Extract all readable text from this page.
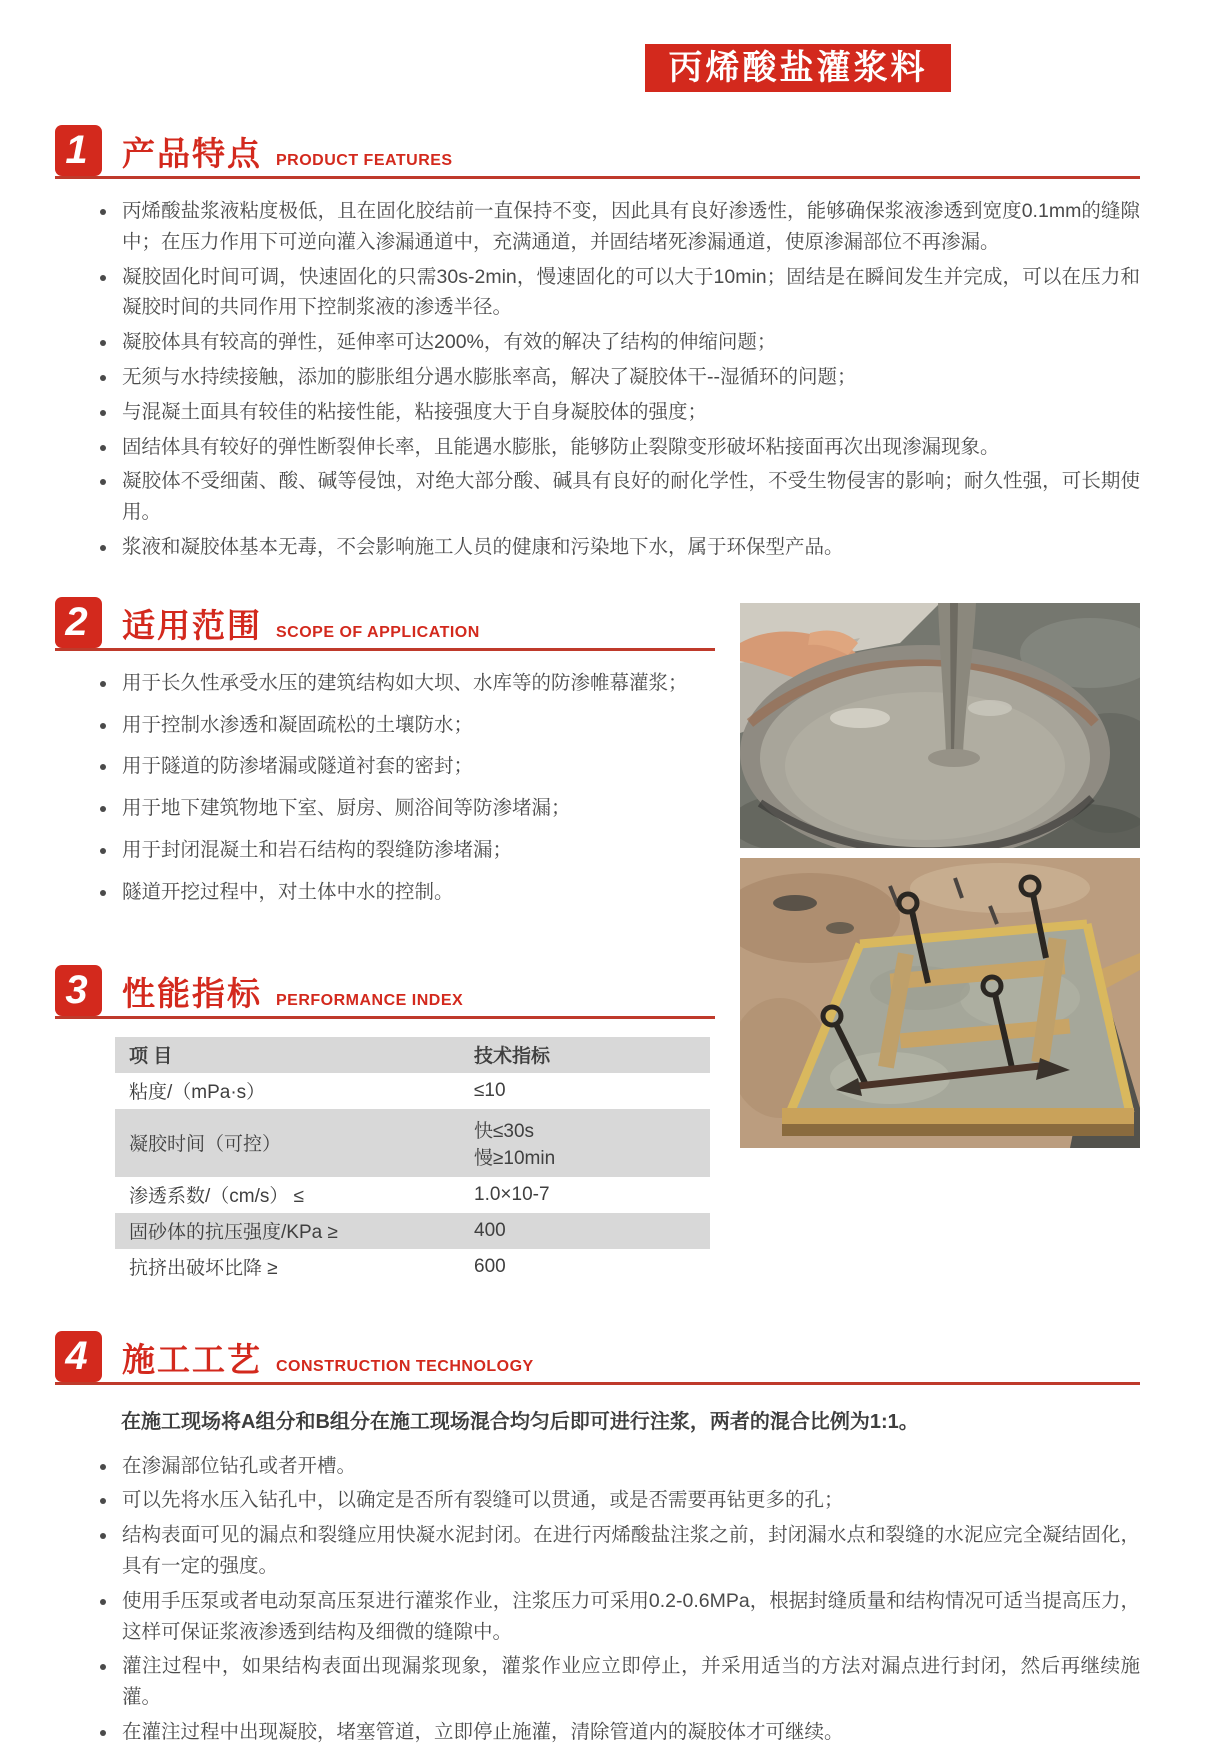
丙烯酸盐灌浆料
1	产品特点 PRODUCT FEATURES
丙烯酸盐浆液粘度极低，且在固化胶结前一直保持不变，因此具有良好渗透性，能够确保浆液渗透到宽度0.1mm的缝隙中；在压力作用下可逆向灌入渗漏通道中，充满通道，并固结堵死渗漏通道，使原渗漏部位不再渗漏。
凝胶固化时间可调，快速固化的只需30s-2min，慢速固化的可以大于10min；固结是在瞬间发生并完成，可以在压力和凝胶时间的共同作用下控制浆液的渗透半径。
凝胶体具有较高的弹性，延伸率可达200%，有效的解决了结构的伸缩问题；
无须与水持续接触，添加的膨胀组分遇水膨胀率高，解决了凝胶体干--湿循环的问题；
与混凝土面具有较佳的粘接性能，粘接强度大于自身凝胶体的强度；
固结体具有较好的弹性断裂伸长率，且能遇水膨胀，能够防止裂隙变形破坏粘接面再次出现渗漏现象。
凝胶体不受细菌、酸、碱等侵蚀，对绝大部分酸、碱具有良好的耐化学性，不受生物侵害的影响；耐久性强，可长期使用。
浆液和凝胶体基本无毒，不会影响施工人员的健康和污染地下水，属于环保型产品。
2	适用范围 SCOPE OF APPLICATION
用于长久性承受水压的建筑结构如大坝、水库等的防渗帷幕灌浆；
用于控制水渗透和凝固疏松的土壤防水；
用于隧道的防渗堵漏或隧道衬套的密封；
用于地下建筑物地下室、厨房、厕浴间等防渗堵漏；
用于封闭混凝土和岩石结构的裂缝防渗堵漏；
隧道开挖过程中，对土体中水的控制。
3	性能指标 PERFORMANCE INDEX
项 目	技术指标
粘度/（mPa·s）	≤10
凝胶时间（可控）	快≤30s
慢≥10min

渗透系数/（cm/s） ≤	1.0×10-7
固砂体的抗压强度/KPa ≥	400
抗挤出破坏比降 ≥	600
4	施工工艺 CONSTRUCTION TECHNOLOGY
在施工现场将A组分和B组分在施工现场混合均匀后即可进行注浆，两者的混合比例为1:1。
在渗漏部位钻孔或者开槽。
可以先将水压入钻孔中，以确定是否所有裂缝可以贯通，或是否需要再钻更多的孔；
结构表面可见的漏点和裂缝应用快凝水泥封闭。在进行丙烯酸盐注浆之前，封闭漏水点和裂缝的水泥应完全凝结固化，具有一定的强度。
使用手压泵或者电动泵高压泵进行灌浆作业，注浆压力可采用0.2-0.6MPa，根据封缝质量和结构情况可适当提高压力，这样可保证浆液渗透到结构及细微的缝隙中。
灌注过程中，如果结构表面出现漏浆现象，灌浆作业应立即停止，并采用适当的方法对漏点进行封闭，然后再继续施灌。
在灌注过程中出现凝胶，堵塞管道，立即停止施灌，清除管道内的凝胶体才可继续。
